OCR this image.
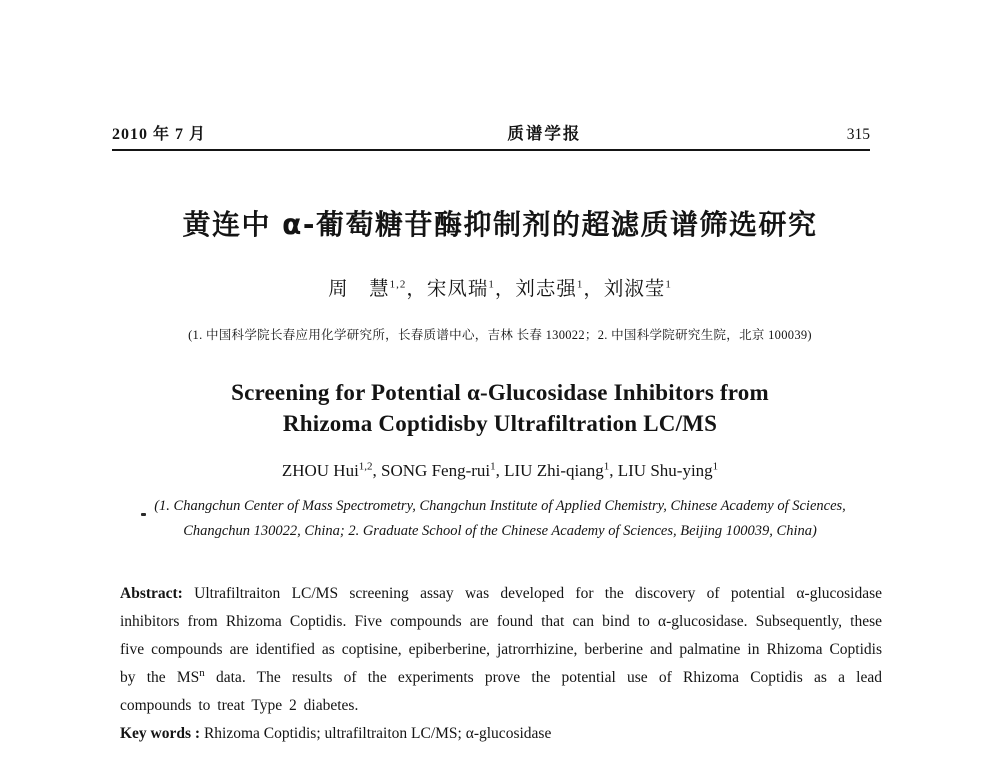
2010 年 7 月	质谱学报	315
黄连中 α-葡萄糖苷酶抑制剂的超滤质谱筛选研究
周　慧$^{1,2}$，宋凤瑞$^1$，刘志强$^1$，刘淑莹$^1$
(1. 中国科学院长春应用化学研究所，长春质谱中心，吉林 长春 130022；2. 中国科学院研究生院，北京 100039)
Screening for Potential α-Glucosidase Inhibitors from
Rhizoma Coptidisby Ultrafiltration LC/MS
ZHOU Hui$^{1,2}$, SONG Feng-rui$^1$, LIU Zhi-qiang$^1$, LIU Shu-ying$^1$
(1. Changchun Center of Mass Spectrometry, Changchun Institute of Applied Chemistry, Chinese Academy of Sciences,
Changchun 130022, China; 2. Graduate School of the Chinese Academy of Sciences, Beijing 100039, China)

Abstract: Ultrafiltraiton LC/MS screening assay was developed for the discovery of potential α-glucosidase inhibitors from Rhizoma Coptidis. Five compounds are found that can bind to α-glucosidase. Subsequently, these five compounds are identified as coptisine, epiberberine, jatrorrhizine, berberine and palmatine in Rhizoma Coptidis by the $MS^n$ data. The results of the experiments prove the potential use of Rhizoma Coptidis as a lead compounds to treat Type 2 diabetes.

Key words : Rhizoma Coptidis; ultrafiltraiton LC/MS; α-glucosidase
